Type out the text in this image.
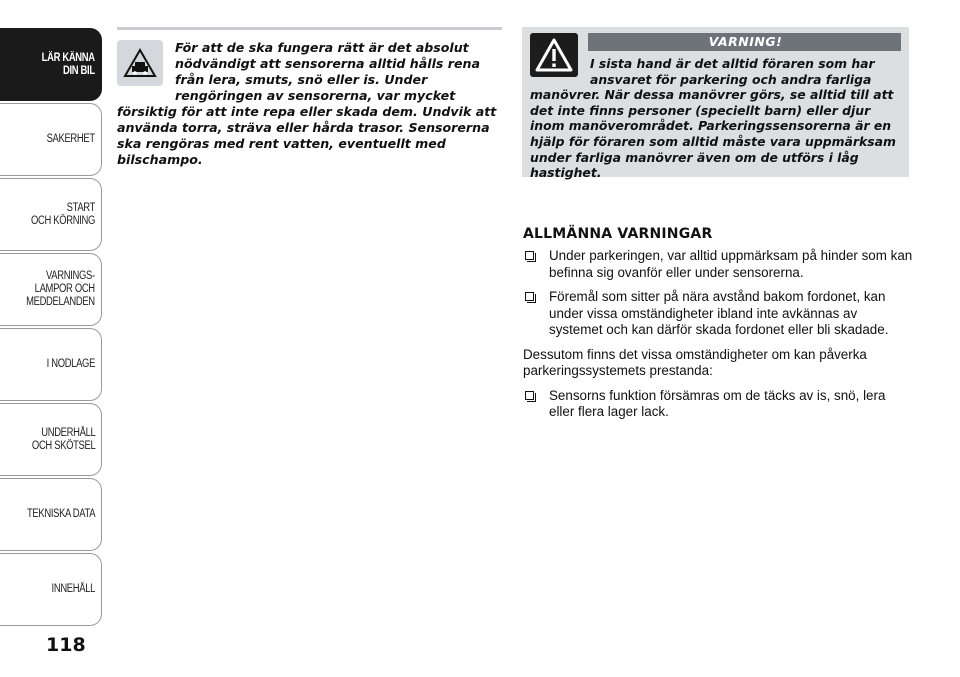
LÄR KÄNNA
DIN BIL
SÄKERHET
START
OCH KÖRNING
VARNINGS-
LAMPOR OCH
MEDDELANDEN
I NÖDLÄGE
UNDERHÅLL
OCH SKÖTSEL
TEKNISKA DATA
INNEHÅLL
118
För att de ska fungera rätt är det absolut nödvändigt att sensorerna alltid hålls rena från lera, smuts, snö eller is. Under rengöringen av sensorerna, var mycket försiktig för att inte repa eller skada dem. Undvik att använda torra, sträva eller hårda trasor. Sensorerna ska rengöras med rent vatten, eventuellt med bilschampo.
VARNING!
I sista hand är det alltid föraren som har ansvaret för parkering och andra farliga manövrer. När dessa manövrer görs, se alltid till att det inte finns personer (speciellt barn) eller djur inom manöverområdet. Parkeringssensorerna är en hjälp för föraren som alltid måste vara uppmärksam under farliga manövrer även om de utförs i låg hastighet.
ALLMÄNNA VARNINGAR
Under parkeringen, var alltid uppmärksam på hinder som kan befinna sig ovanför eller under sensorerna.
Föremål som sitter på nära avstånd bakom fordonet, kan under vissa omständigheter ibland inte avkännas av systemet och kan därför skada fordonet eller bli skadade.
Dessutom finns det vissa omständigheter om kan påverka parkeringssystemets prestanda:
Sensorns funktion försämras om de täcks av is, snö, lera eller flera lager lack.
